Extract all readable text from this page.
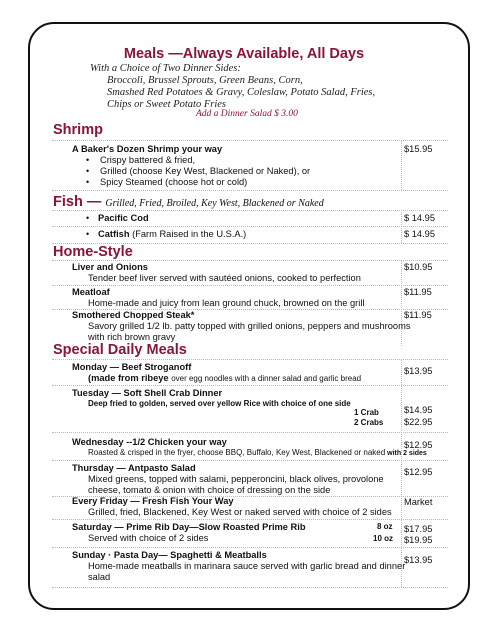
Meals —Always Available, All Days
With a Choice of Two Dinner Sides:
Broccoli, Brussel Sprouts, Green Beans, Corn,
Smashed Red Potatoes & Gravy, Coleslaw, Potato Salad, Fries,
Chips or Sweet Potato Fries
Add a Dinner Salad $ 3.00
Shrimp
A Baker's Dozen Shrimp your way	$15.95
• Crispy battered & fried,
• Grilled (choose Key West, Blackened or Naked), or
• Spicy Steamed (choose hot or cold)
Fish — Grilled, Fried, Broiled, Key West, Blackened or Naked
• Pacific Cod	$ 14.95
• Catfish (Farm Raised in the U.S.A.)	$ 14.95
Home-Style
Liver and Onions	$10.95
Tender beef liver served with sautéed onions, cooked to perfection
Meatloaf	$11.95
Home-made and juicy from lean ground chuck, browned on the grill
Smothered Chopped Steak*	$11.95
Savory grilled 1/2 lb. patty topped with grilled onions, peppers and mushrooms
with rich brown gravy
Special Daily Meals
Monday — Beef Stroganoff	$13.95
(made from ribeye over egg noodles with a dinner salad and garlic bread
Tuesday — Soft Shell Crab Dinner
Deep fried to golden, served over yellow Rice with choice of one side
1 Crab	$14.95
2 Crabs $22.95
Wednesday --1/2 Chicken your way	$12.95
Roasted & crisped in the fryer, choose BBQ, Buffalo, Key West, Blackened or naked with 2 sides
Thursday — Antpasto Salad	$12.95
Mixed greens, topped with salami, pepperoncini, black olives, provolone
cheese, tomato & onion with choice of dressing on the side
Every Friday — Fresh Fish Your Way	Market
Grilled, fried, Blackened, Key West or naked served with choice of 2 sides
Saturday — Prime Rib Day—Slow Roasted Prime Rib	8 oz $17.95
Served with choice of 2 sides	10 oz $19.95
Sunday · Pasta Day— Spaghetti & Meatballs	$13.95
Home-made meatballs in marinara sauce served with garlic bread and dinner
salad
